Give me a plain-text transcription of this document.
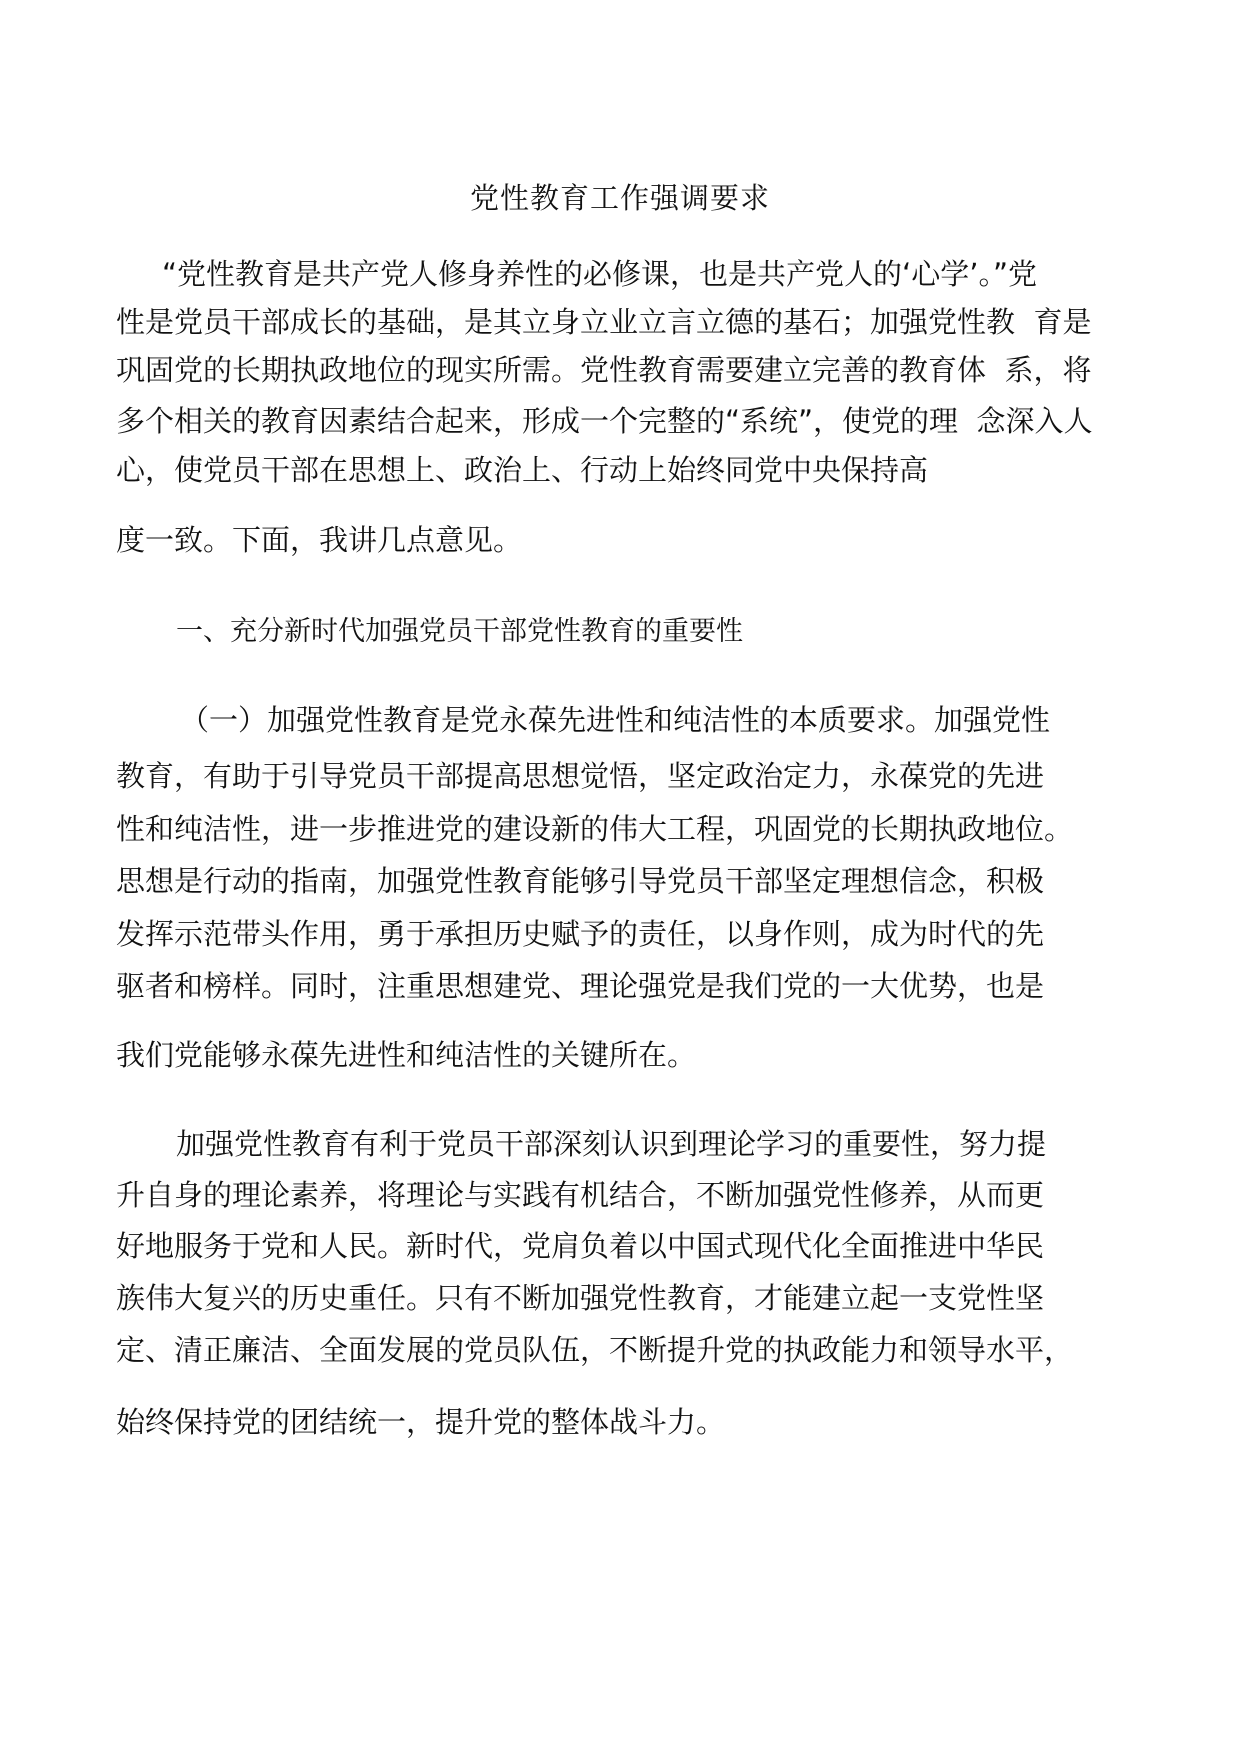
党性教育工作强调要求
“党性教育是共产党人修身养性的必修课，也是共产党人的‘心学’。”党
性是党员干部成长的基础，是其立身立业立言立德的基石；加强党性教  育是
巩固党的长期执政地位的现实所需。党性教育需要建立完善的教育体  系，将
多个相关的教育因素结合起来，形成一个完整的“系统”，使党的理  念深入人
心，使党员干部在思想上、政治上、行动上始终同党中央保持高
度一致。下面，我讲几点意见。
一、充分新时代加强党员干部党性教育的重要性
（一）加强党性教育是党永葆先进性和纯洁性的本质要求。加强党性
教育，有助于引导党员干部提高思想觉悟，坚定政治定力，永葆党的先进
性和纯洁性，进一步推进党的建设新的伟大工程，巩固党的长期执政地位。
思想是行动的指南，加强党性教育能够引导党员干部坚定理想信念，积极
发挥示范带头作用，勇于承担历史赋予的责任，以身作则，成为时代的先
驱者和榜样。同时，注重思想建党、理论强党是我们党的一大优势，也是
我们党能够永葆先进性和纯洁性的关键所在。
加强党性教育有利于党员干部深刻认识到理论学习的重要性，努力提
升自身的理论素养，将理论与实践有机结合，不断加强党性修养，从而更
好地服务于党和人民。新时代，党肩负着以中国式现代化全面推进中华民
族伟大复兴的历史重任。只有不断加强党性教育，才能建立起一支党性坚
定、清正廉洁、全面发展的党员队伍，不断提升党的执政能力和领导水平，
始终保持党的团结统一，提升党的整体战斗力。
